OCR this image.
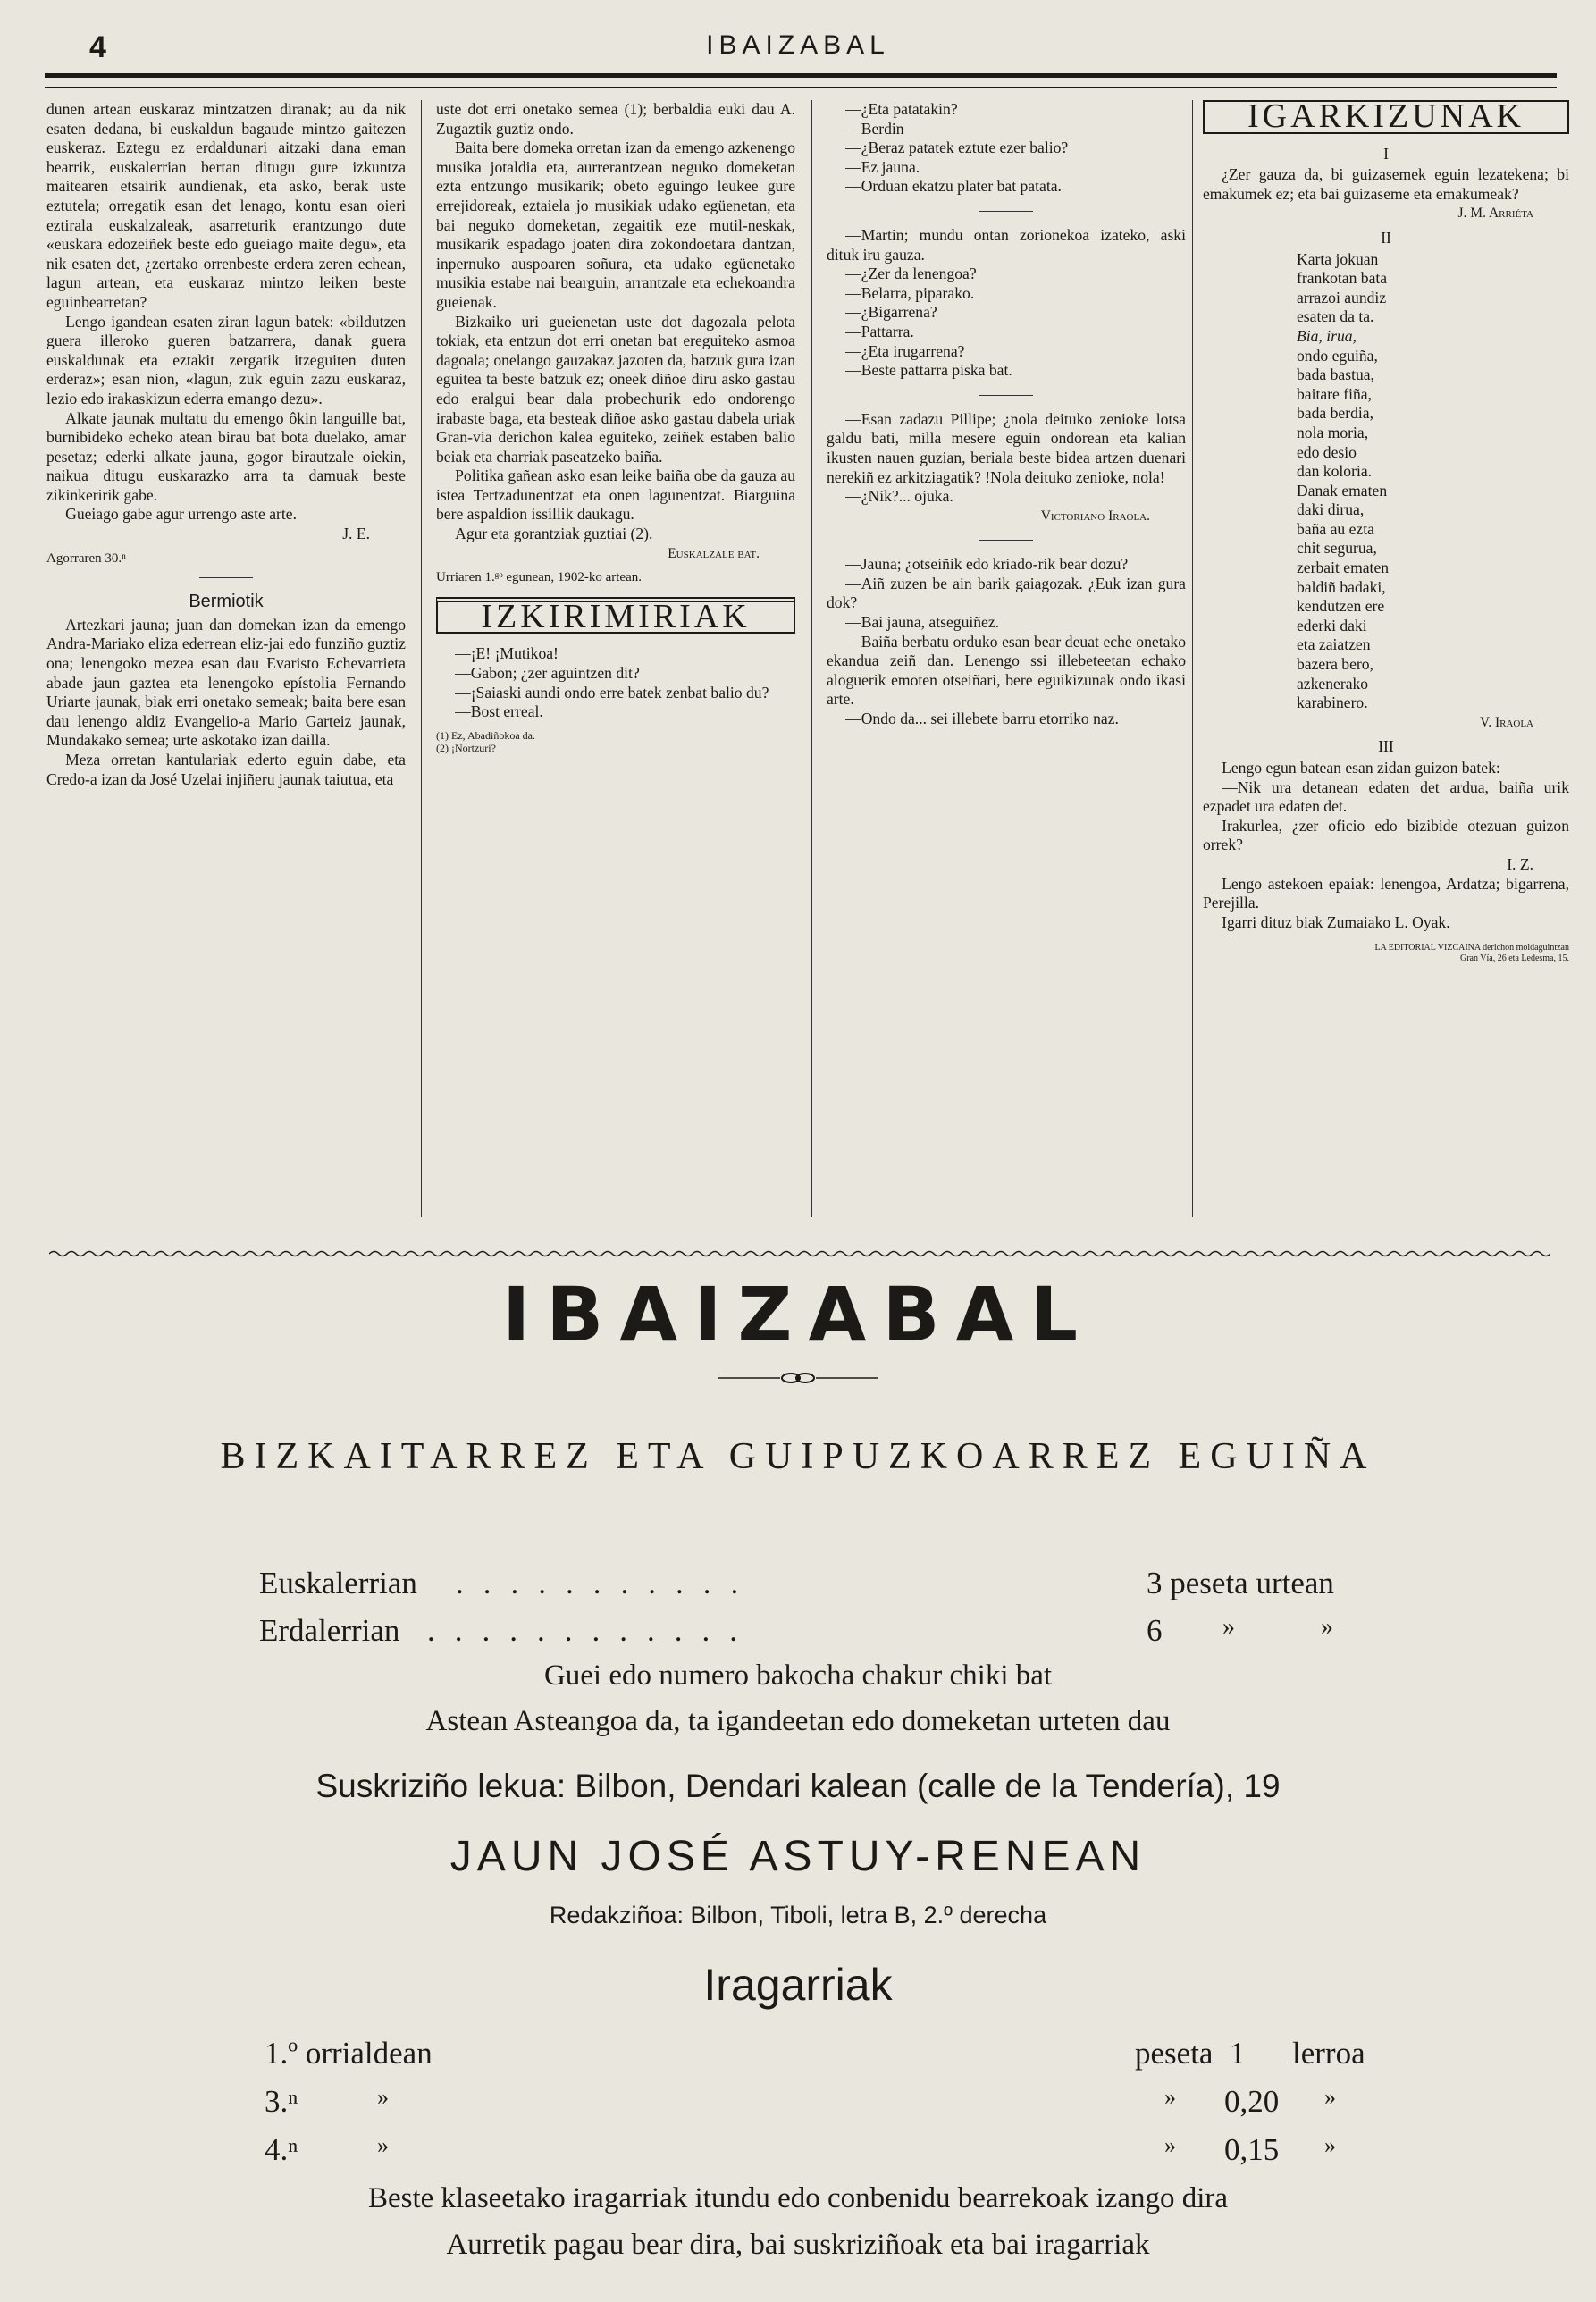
4	IBAIZABAL

dunen artean euskaraz mintzatzen diranak; au da nik esaten dedana, bi euskaldun bagaude mintzo gaitezen euskeraz. Eztegu ez erdaldunari aitzaki dana eman bearrik, euskalerrian bertan ditugu gure izkuntza maitearen etsairik aundienak, eta asko, berak uste eztutela; orregatik esan det lenago, kontu esan oieri eztirala euskalzaleak, asarreturik erantzungo dute «euskara edozeiñek beste edo gueiago maite degu», eta nik esaten det, ¿zertako orrenbeste erdera zeren echean, lagun artean, eta euskaraz mintzo leiken beste eguinbearretan?

Lengo igandean esaten ziran lagun batek: «bildutzen guera illeroko gueren batzarrera, danak guera euskaldunak eta eztakit zergatik itzeguiten duten erderaz»; esan nion, «lagun, zuk eguin zazu euskaraz, lezio edo irakaskizun ederra emango dezu».

Alkate jaunak multatu du emengo ôkin languille bat, burnibideko echeko atean birau bat bota duelako, amar pesetaz; ederki alkate jauna, gogor birautzale oiekin, naikua ditugu euskarazko arra ta damuak beste zikinkeririk gabe.

Gueiago gabe agur urrengo aste arte.

J. E.
Agorraren 30.ⁿ
Bermiotik

Artezkari jauna; juan dan domekan izan da emengo Andra-Mariako eliza ederrean eliz-jai edo funziño guztiz ona; lenengoko mezea esan dau Evaristo Echevarrieta abade jaun gaztea eta lenengoko epístolia Fernando Uriarte jaunak, biak erri onetako semeak; baita bere esan dau lenengo aldiz Evangelio-a Mario Garteiz jaunak, Mundakako semea; urte askotako izan dailla.

Meza orretan kantulariak ederto eguin dabe, eta Credo-a izan da José Uzelai injiñeru jaunak taiutua, eta

uste dot erri onetako semea (1); berbaldia euki dau A. Zugaztik guztiz ondo.

Baita bere domeka orretan izan da emengo azkenengo musika jotaldia eta, aurrerantzean neguko domeketan ezta entzungo musikarik; obeto eguingo leukee gure errejidoreak, eztaiela jo musikiak udako egüenetan, eta bai neguko domeketan, zegaitik eze mutil-neskak, musikarik espadago joaten dira zokondoetara dantzan, inpernuko auspoaren soñura, eta udako egüenetako musikia estabe nai bearguin, arrantzale eta echekoandra gueienak.

Bizkaiko uri gueienetan uste dot dagozala pelota tokiak, eta entzun dot erri onetan bat ereguiteko asmoa dagoala; onelango gauzakaz jazoten da, batzuk gura izan eguitea ta beste batzuk ez; oneek diñoe diru asko gastau edo eralgui bear dala probechurik edo ondorengo irabaste baga, eta besteak diñoe asko gastau dabela uriak Gran-via derichon kalea eguiteko, zeiñek estaben balio beiak eta charriak paseatzeko baiña.

Politika gañean asko esan leike baiña obe da gauza au istea Tertzadunentzat eta onen lagunentzat. Biarguina bere aspaldion issillik daukagu.

Agur eta gorantziak guztiai (2).

Euskalzale bat.
Urriaren 1.ᵍᵒ egunean, 1902-ko artean.
IZKIRIMIRIAK

—¡E! ¡Mutikoa!

—Gabon; ¿zer aguintzen dit?

—¡Saiaski aundi ondo erre batek zenbat balio du?

—Bost erreal.

(1) Ez, Abadiñokoa da.
(2) ¡Nortzuri?

—¿Eta patatakin?

—Berdin

—¿Beraz patatek eztute ezer balio?

—Ez jauna.

—Orduan ekatzu plater bat patata.

—Martin; mundu ontan zorionekoa izateko, aski dituk iru gauza.

—¿Zer da lenengoa?

—Belarra, piparako.

—¿Bigarrena?

—Pattarra.

—¿Eta irugarrena?

—Beste pattarra piska bat.

—Esan zadazu Pillipe; ¿nola deituko zenioke lotsa galdu bati, milla mesere eguin ondorean eta kalian ikusten nauen guzian, beriala beste bidea artzen duenari nerekiñ ez arkitziagatik? !Nola deituko zenioke, nola!

—¿Nik?... ojuka.

Victoriano Iraola.

—Jauna; ¿otseiñik edo kriado-rik bear dozu?

—Aiñ zuzen be ain barik gaiagozak. ¿Euk izan gura dok?

—Bai jauna, atseguiñez.

—Baiña berbatu orduko esan bear deuat eche onetako ekandua zeiñ dan. Lenengo ssi illebeteetan echako aloguerik emoten otseiñari, bere eguikizunak ondo ikasi arte.

—Ondo da... sei illebete barru etorriko naz.

IGARKIZUNAK
I

¿Zer gauza da, bi guizasemek eguin lezatekena; bi emakumek ez; eta bai guizaseme eta emakumeak?

J. M. Arriéta
II
Karta jokuan
frankotan bata
arrazoi aundiz
esaten da ta.
Bia, irua,
ondo eguiña,
bada bastua,
baitare fiña,
bada berdia,
nola moria,
edo desio
dan koloria.
Danak ematen
daki dirua,
baña au ezta
chit segurua,
zerbait ematen
baldiñ badaki,
kendutzen ere
ederki daki
eta zaiatzen
bazera bero,
azkenerako
karabinero.
V. Iraola
III

Lengo egun batean esan zidan guizon batek:

—Nik ura detanean edaten det ardua, baiña urik ezpadet ura edaten det.

Irakurlea, ¿zer oficio edo bizibide otezuan guizon orrek?

I. Z.

Lengo astekoen epaiak: lenengoa, Ardatza; bigarrena, Perejilla.

Igarri dituz biak Zumaiako L. Oyak.

LA EDITORIAL VIZCAINA derichon moldaguintzan
Gran Vía, 26 eta Ledesma, 15.
IBAIZABAL
BIZKAITARREZ ETA GUIPUZKOARREZ EGUIÑA
Euskalerrian ...........	3 peseta urtean
Erdalerrian ............	6 »	»
Guei edo numero bakocha chakur chiki bat
Astean Asteangoa da, ta igandeetan edo domeketan urteten dau
Suskriziño lekua: Bilbon, Dendari kalean (calle de la Tendería), 19
JAUN JOSÉ ASTUY-RENEAN
Redakziñoa: Bilbon, Tiboli, letra B, 2.º derecha
Iragarriak
1.º orrialdean	peseta 1 lerroa
3.ⁿ	»	» 0,20 »
4.ⁿ	»	» 0,15 »
Beste klaseetako iragarriak itundu edo conbenidu bearrekoak izango dira
Aurretik pagau bear dira, bai suskriziñoak eta bai iragarriak
